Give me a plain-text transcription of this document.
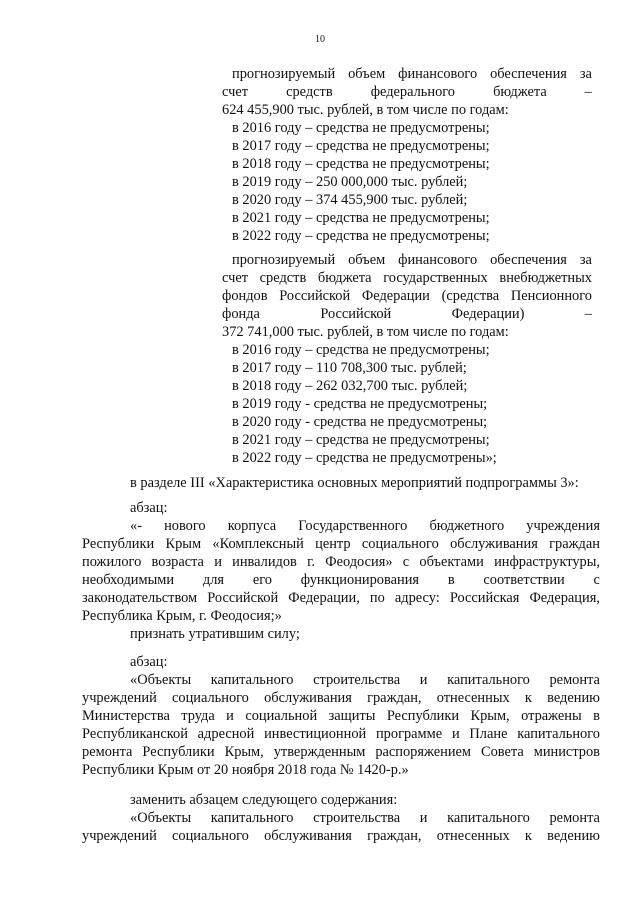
10
прогнозируемый объем финансового обеспечения за
счет	средств	федерального	бюджета	–
624 455,900 тыс. рублей, в том числе по годам:
в 2016 году – средства не предусмотрены;
в 2017 году – средства не предусмотрены;
в 2018 году – средства не предусмотрены;
в 2019 году – 250 000,000 тыс. рублей;
в 2020 году – 374 455,900 тыс. рублей;
в 2021 году – средства не предусмотрены;
в 2022 году – средства не предусмотрены;
прогнозируемый объем финансового обеспечения за
счет средств бюджета государственных внебюджетных
фондов Российской Федерации (средства Пенсионного
фонда	Российской	Федерации)	–
372 741,000 тыс. рублей, в том числе по годам:
в 2016 году – средства не предусмотрены;
в 2017 году – 110 708,300 тыс. рублей;
в 2018 году – 262 032,700 тыс. рублей;
в 2019 году - средства не предусмотрены;
в 2020 году - средства не предусмотрены;
в 2021 году – средства не предусмотрены;
в 2022 году – средства не предусмотрены»;
в разделе III «Характеристика основных мероприятий подпрограммы 3»:
абзац:
«- нового корпуса Государственного бюджетного учреждения
Республики Крым «Комплексный центр социального обслуживания граждан
пожилого возраста и инвалидов г. Феодосия» с объектами инфраструктуры,
необходимыми для его функционирования в соответствии с
законодательством Российской Федерации, по адресу: Российская Федерация,
Республика Крым, г. Феодосия;»
признать утратившим силу;
абзац:
«Объекты капитального строительства и капитального ремонта
учреждений социального обслуживания граждан, отнесенных к ведению
Министерства труда и социальной защиты Республики Крым, отражены в
Республиканской адресной инвестиционной программе и Плане капитального
ремонта Республики Крым, утвержденным распоряжением Совета министров
Республики Крым от 20 ноября 2018 года № 1420-р.»
заменить абзацем следующего содержания:
«Объекты капитального строительства и капитального ремонта
учреждений социального обслуживания граждан, отнесенных к ведению
